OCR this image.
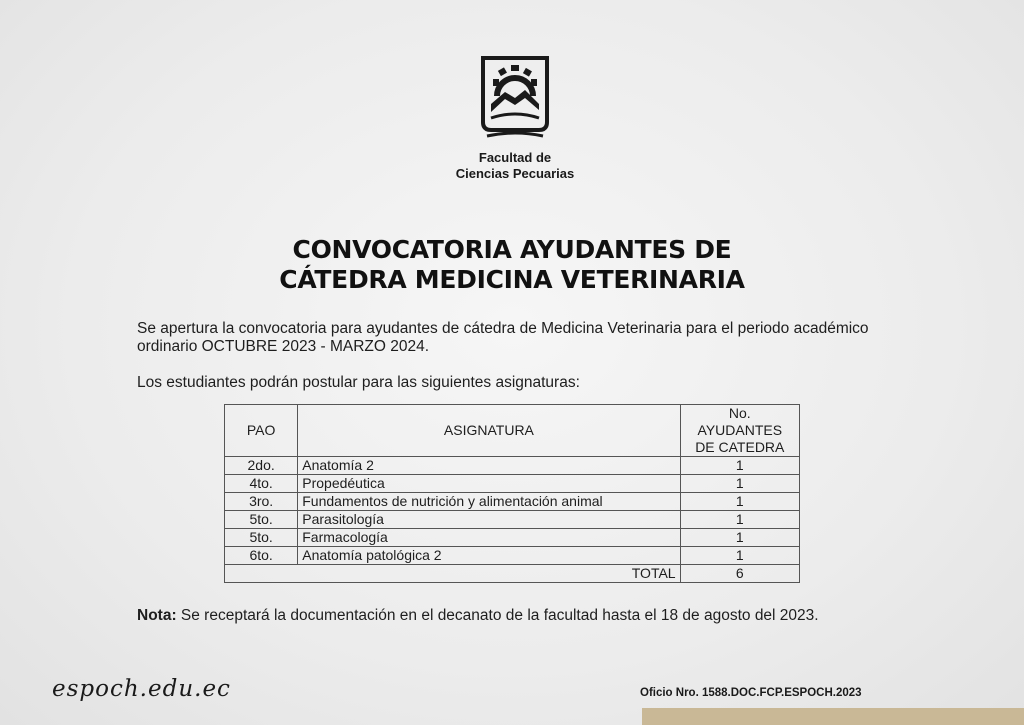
Facultad de
Ciencias Pecuarias
CONVOCATORIA AYUDANTES DE
CÁTEDRA MEDICINA VETERINARIA
Se apertura la convocatoria para ayudantes de cátedra de Medicina Veterinaria para el periodo académico ordinario OCTUBRE 2023 - MARZO 2024.
Los estudiantes podrán postular para las siguientes asignaturas:
PAO	ASIGNATURA	No.
AYUDANTES
DE CATEDRA

2do.	Anatomía 2	1
4to.	Propedéutica	1
3ro.	Fundamentos de nutrición y alimentación animal	1
5to.	Parasitología	1
5to.	Farmacología	1
6to.	Anatomía patológica 2	1
TOTAL		6
Nota: Se receptará la documentación en el decanato de la facultad hasta el 18 de agosto del 2023.
espoch.edu.ec	Oficio Nro. 1588.DOC.FCP.ESPOCH.2023
